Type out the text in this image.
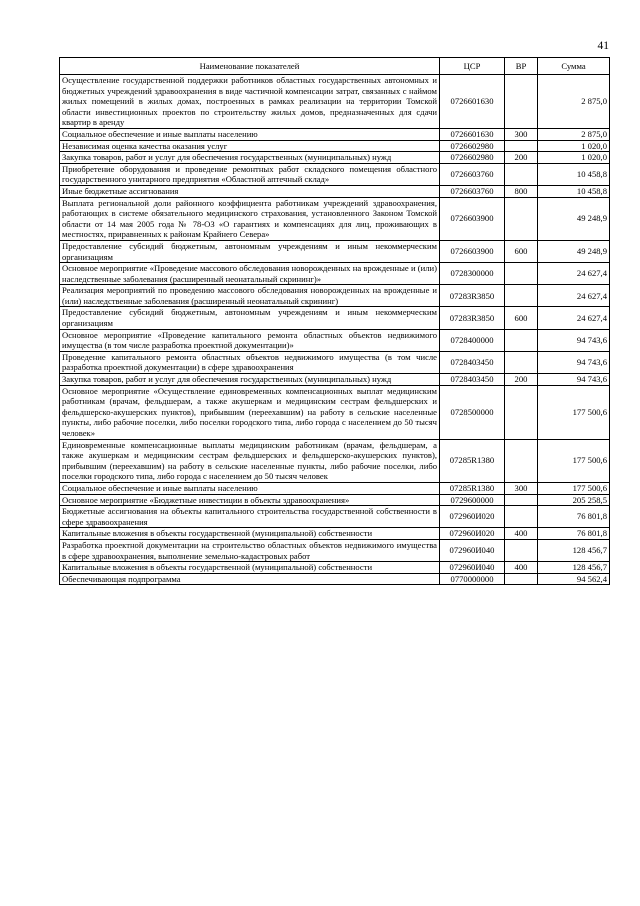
41
Наименование показателей	ЦСР	ВР	Сумма
Осуществление государственной поддержки работников областных государственных автономных и бюджетных учреждений здравоохранения в виде частичной компенсации затрат, связанных с наймом жилых помещений в жилых домах, построенных в рамках реализации на территории Томской области инвестиционных проектов по строительству жилых домов, предназначенных для сдачи квартир в аренду	0726601630		2 875,0
Социальное обеспечение и иные выплаты населению	0726601630	300	2 875,0
Независимая оценка качества оказания услуг	0726602980		1 020,0
Закупка товаров, работ и услуг для обеспечения государственных (муниципальных) нужд	0726602980	200	1 020,0
Приобретение оборудования и проведение ремонтных работ складского помещения областного государственного унитарного предприятия «Областной аптечный склад»	0726603760		10 458,8
Иные бюджетные ассигнования	0726603760	800	10 458,8
Выплата региональной доли районного коэффициента работникам учреждений здравоохранения, работающих в системе обязательного медицинского страхования, установленного Законом Томской области от 14 мая 2005 года № 78-ОЗ «О гарантиях и компенсациях для лиц, проживающих в местностях, приравненных к районам Крайнего Севера»	0726603900		49 248,9
Предоставление субсидий бюджетным, автономным учреждениям и иным некоммерческим организациям	0726603900	600	49 248,9
Основное мероприятие «Проведение массового обследования новорожденных на врожденные и (или) наследственные заболевания (расширенный неонатальный скрининг)»	0728300000		24 627,4
Реализация мероприятий по проведению массового обследования новорожденных на врожденные и (или) наследственные заболевания (расширенный неонатальный скрининг)	07283R3850		24 627,4
Предоставление субсидий бюджетным, автономным учреждениям и иным некоммерческим организациям	07283R3850	600	24 627,4
Основное мероприятие «Проведение капитального ремонта областных объектов недвижимого имущества (в том числе разработка проектной документации)»	0728400000		94 743,6
Проведение капитального ремонта областных объектов недвижимого имущества (в том числе разработка проектной документации) в сфере здравоохранения	0728403450		94 743,6
Закупка товаров, работ и услуг для обеспечения государственных (муниципальных) нужд	0728403450	200	94 743,6
Основное мероприятие «Осуществление единовременных компенсационных выплат медицинским работникам (врачам, фельдшерам, а также акушеркам и медицинским сестрам фельдшерских и фельдшерско-акушерских пунктов), прибывшим (переехавшим) на работу в сельские населенные пункты, либо рабочие поселки, либо поселки городского типа, либо города с населением до 50 тысяч человек»	0728500000		177 500,6
Единовременные компенсационные выплаты медицинским работникам (врачам, фельдшерам, а также акушеркам и медицинским сестрам фельдшерских и фельдшерско-акушерских пунктов), прибывшим (переехавшим) на работу в сельские населенные пункты, либо рабочие поселки, либо поселки городского типа, либо города с населением до 50 тысяч человек	07285R1380		177 500,6
Социальное обеспечение и иные выплаты населению	07285R1380	300	177 500,6
Основное мероприятие «Бюджетные инвестиции в объекты здравоохранения»	0729600000		205 258,5
Бюджетные ассигнования на объекты капитального строительства государственной собственности в сфере здравоохранения	072960И020		76 801,8
Капитальные вложения в объекты государственной (муниципальной) собственности	072960И020	400	76 801,8
Разработка проектной документации на строительство областных объектов недвижимого имущества в сфере здравоохранения, выполнение земельно-кадастровых работ	072960И040		128 456,7
Капитальные вложения в объекты государственной (муниципальной) собственности	072960И040	400	128 456,7
Обеспечивающая подпрограмма	0770000000		94 562,4
